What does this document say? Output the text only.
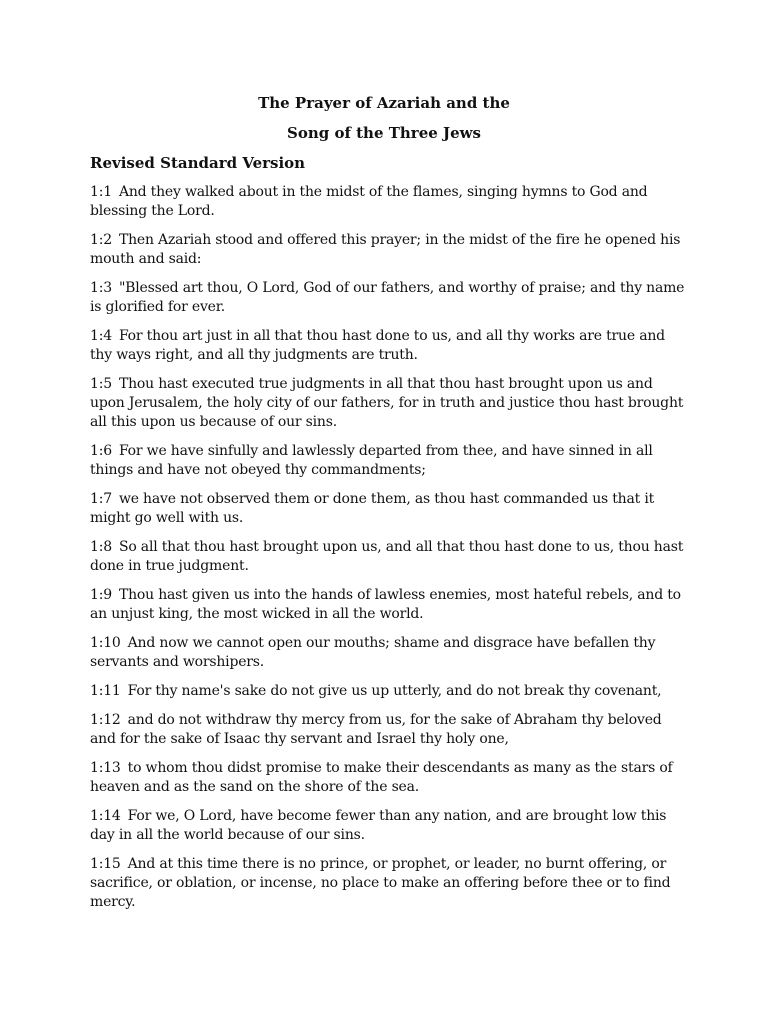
The Prayer of Azariah and the
Song of the Three Jews
Revised Standard Version

1:1 And they walked about in the midst of the flames, singing hymns to God and blessing the Lord.

1:2 Then Azariah stood and offered this prayer; in the midst of the fire he opened his mouth and said:

1:3 "Blessed art thou, O Lord, God of our fathers, and worthy of praise; and thy name is glorified for ever.

1:4 For thou art just in all that thou hast done to us, and all thy works are true and thy ways right, and all thy judgments are truth.

1:5 Thou hast executed true judgments in all that thou hast brought upon us and upon Jerusalem, the holy city of our fathers, for in truth and justice thou hast brought all this upon us because of our sins.

1:6 For we have sinfully and lawlessly departed from thee, and have sinned in all things and have not obeyed thy commandments;

1:7 we have not observed them or done them, as thou hast commanded us that it might go well with us.

1:8 So all that thou hast brought upon us, and all that thou hast done to us, thou hast done in true judgment.

1:9 Thou hast given us into the hands of lawless enemies, most hateful rebels, and to an unjust king, the most wicked in all the world.

1:10 And now we cannot open our mouths; shame and disgrace have befallen thy servants and worshipers.

1:11 For thy name's sake do not give us up utterly, and do not break thy covenant,

1:12 and do not withdraw thy mercy from us, for the sake of Abraham thy beloved and for the sake of Isaac thy servant and Israel thy holy one,

1:13 to whom thou didst promise to make their descendants as many as the stars of heaven and as the sand on the shore of the sea.

1:14 For we, O Lord, have become fewer than any nation, and are brought low this day in all the world because of our sins.

1:15 And at this time there is no prince, or prophet, or leader, no burnt offering, or sacrifice, or oblation, or incense, no place to make an offering before thee or to find mercy.
